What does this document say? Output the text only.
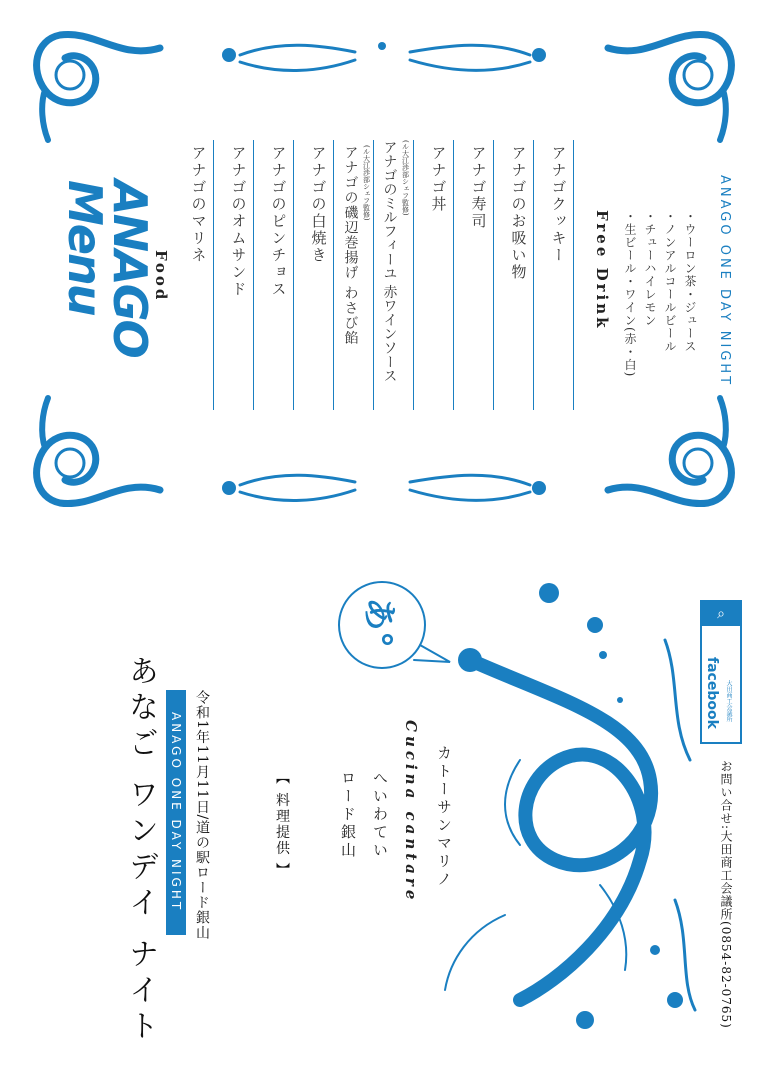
ANAGO Menu	Food
アナゴのマリネ アナゴのオムサンド アナゴのピンチョス アナゴの白焼き アナゴの磯辺巻揚げ わさび餡 (ル大江渉部シェフ監修) アナゴのミルフィーユ 赤ワインソース (ル大江渉部シェフ監修) アナゴ丼 アナゴ寿司 アナゴのお吸い物 アナゴクッキー
Free Drink ・生ビール・ワイン(赤・白) ・チューハイレモン ・ノンアルコールビール ・ウーロン茶・ジュース ANAGO ONE DAY NIGHT
あなご ワンデイ ナイト ANAGO ONE DAY NIGHT 令和1年11月11日/道の駅ロード銀山	【 料理提供 】	ロード銀山 へいわてい Cucina cantare カトーサンマリノ
あ°
facebook 大田商工会議所
⌕
お問い合せ:大田商工会議所(0854-82-0765)
